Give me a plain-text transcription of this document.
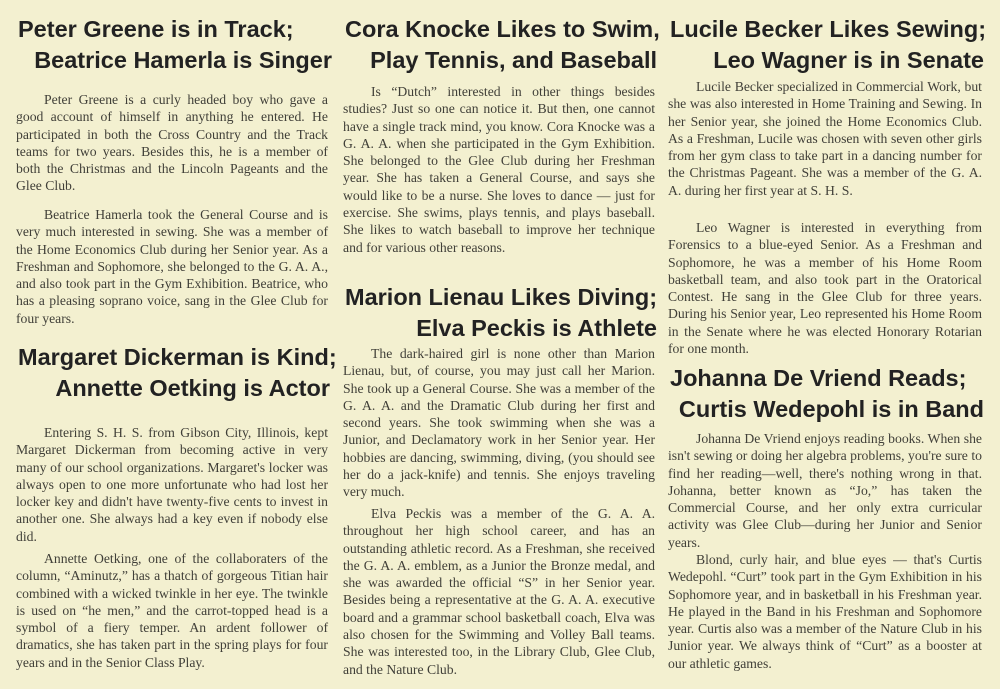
Peter Greene is in Track;
Beatrice Hamerla is Singer

Peter Greene is a curly headed boy who gave a good account of himself in anything he entered. He participated in both the Cross Country and the Track teams for two years. Besides this, he is a member of both the Christmas and the Lincoln Pageants and the Glee Club.

Beatrice Hamerla took the General Course and is very much interested in sewing. She was a member of the Home Economics Club during her Senior year. As a Freshman and Sophomore, she belonged to the G. A. A., and also took part in the Gym Exhibition. Beatrice, who has a pleasing soprano voice, sang in the Glee Club for four years.

Margaret Dickerman is Kind;
Annette Oetking is Actor

Entering S. H. S. from Gibson City, Illinois, kept Margaret Dickerman from becoming active in very many of our school organizations. Margaret's locker was always open to one more unfortunate who had lost her locker key and didn't have twenty-five cents to invest in another one. She always had a key even if nobody else did.

Annette Oetking, one of the collaboraters of the column, “Aminutz,” has a thatch of gorgeous Titian hair combined with a wicked twinkle in her eye. The twinkle is used on “he men,” and the carrot-topped head is a symbol of a fiery temper. An ardent follower of dramatics, she has taken part in the spring plays for four years and in the Senior Class Play.

Cora Knocke Likes to Swim,
Play Tennis, and Baseball

Is “Dutch” interested in other things besides studies? Just so one can notice it. But then, one cannot have a single track mind, you know. Cora Knocke was a G. A. A. when she participated in the Gym Exhibition. She belonged to the Glee Club during her Freshman year. She has taken a General Course, and says she would like to be a nurse. She loves to dance — just for exercise. She swims, plays tennis, and plays baseball. She likes to watch baseball to improve her technique and for various other reasons.

Marion Lienau Likes Diving;
Elva Peckis is Athlete

The dark-haired girl is none other than Marion Lienau, but, of course, you may just call her Marion. She took up a General Course. She was a member of the G. A. A. and the Dramatic Club during her first and second years. She took swimming when she was a Junior, and Declamatory work in her Senior year. Her hobbies are dancing, swimming, diving, (you should see her do a jack-knife) and tennis. She enjoys traveling very much.

Elva Peckis was a member of the G. A. A. throughout her high school career, and has an outstanding athletic record. As a Freshman, she received the G. A. A. emblem, as a Junior the Bronze medal, and she was awarded the official “S” in her Senior year. Besides being a representative at the G. A. A. executive board and a grammar school basketball coach, Elva was also chosen for the Swimming and Volley Ball teams. She was interested too, in the Library Club, Glee Club, and the Nature Club.

Lucile Becker Likes Sewing;
Leo Wagner is in Senate

Lucile Becker specialized in Commercial Work, but she was also interested in Home Training and Sewing. In her Senior year, she joined the Home Economics Club. As a Freshman, Lucile was chosen with seven other girls from her gym class to take part in a dancing number for the Christmas Pageant. She was a member of the G. A. A. during her first year at S. H. S.

Leo Wagner is interested in everything from Forensics to a blue-eyed Senior. As a Freshman and Sophomore, he was a member of his Home Room basketball team, and also took part in the Oratorical Contest. He sang in the Glee Club for three years. During his Senior year, Leo represented his Home Room in the Senate where he was elected Honorary Rotarian for one month.

Johanna De Vriend Reads;
Curtis Wedepohl is in Band

Johanna De Vriend enjoys reading books. When she isn't sewing or doing her algebra problems, you're sure to find her reading—well, there's nothing wrong in that. Johanna, better known as “Jo,” has taken the Commercial Course, and her only extra curricular activity was Glee Club—during her Junior and Senior years.

Blond, curly hair, and blue eyes — that's Curtis Wedepohl. “Curt” took part in the Gym Exhibition in his Sophomore year, and in basketball in his Freshman year. He played in the Band in his Freshman and Sophomore year. Curtis also was a member of the Nature Club in his Junior year. We always think of “Curt” as a booster at our athletic games.
